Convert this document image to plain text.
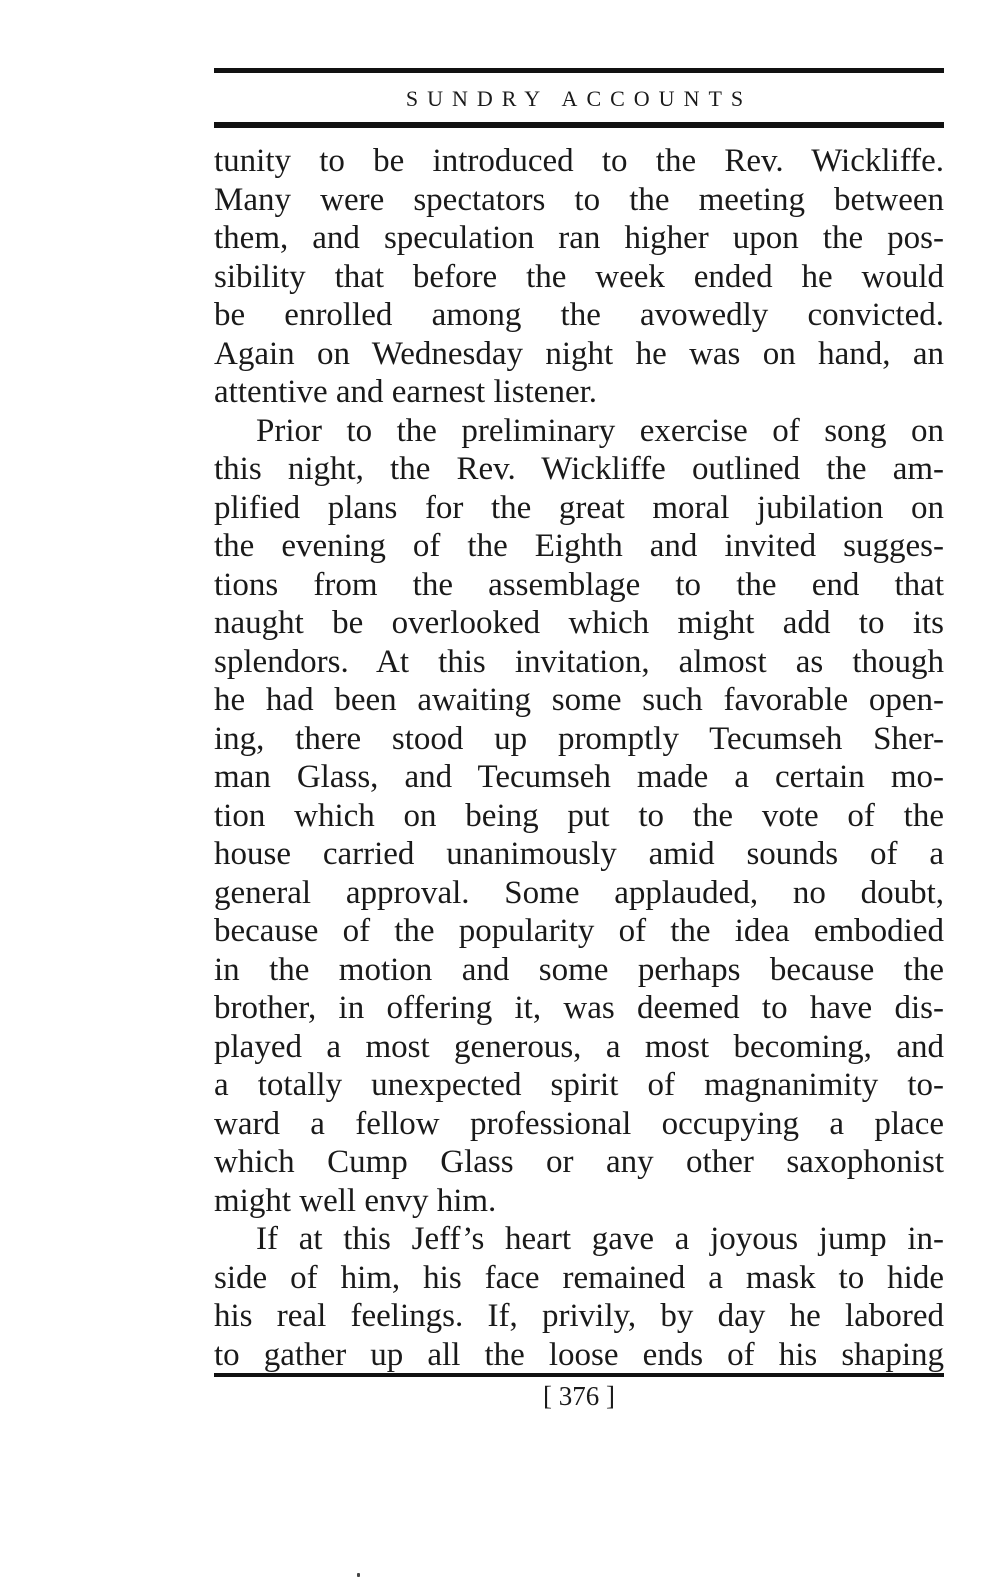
SUNDRY ACCOUNTS
tunity to be introduced to the Rev. Wickliffe.
Many were spectators to the meeting between
them, and speculation ran higher upon the pos-
sibility that before the week ended he would
be enrolled among the avowedly convicted.
Again on Wednesday night he was on hand, an
attentive and earnest listener.
Prior to the preliminary exercise of song on
this night, the Rev. Wickliffe outlined the am-
plified plans for the great moral jubilation on
the evening of the Eighth and invited sugges-
tions from the assemblage to the end that
naught be overlooked which might add to its
splendors. At this invitation, almost as though
he had been awaiting some such favorable open-
ing, there stood up promptly Tecumseh Sher-
man Glass, and Tecumseh made a certain mo-
tion which on being put to the vote of the
house carried unanimously amid sounds of a
general approval. Some applauded, no doubt,
because of the popularity of the idea embodied
in the motion and some perhaps because the
brother, in offering it, was deemed to have dis-
played a most generous, a most becoming, and
a totally unexpected spirit of magnanimity to-
ward a fellow professional occupying a place
which Cump Glass or any other saxophonist
might well envy him.
If at this Jeff’s heart gave a joyous jump in-
side of him, his face remained a mask to hide
his real feelings. If, privily, by day he labored
to gather up all the loose ends of his shaping
[ 376 ]
